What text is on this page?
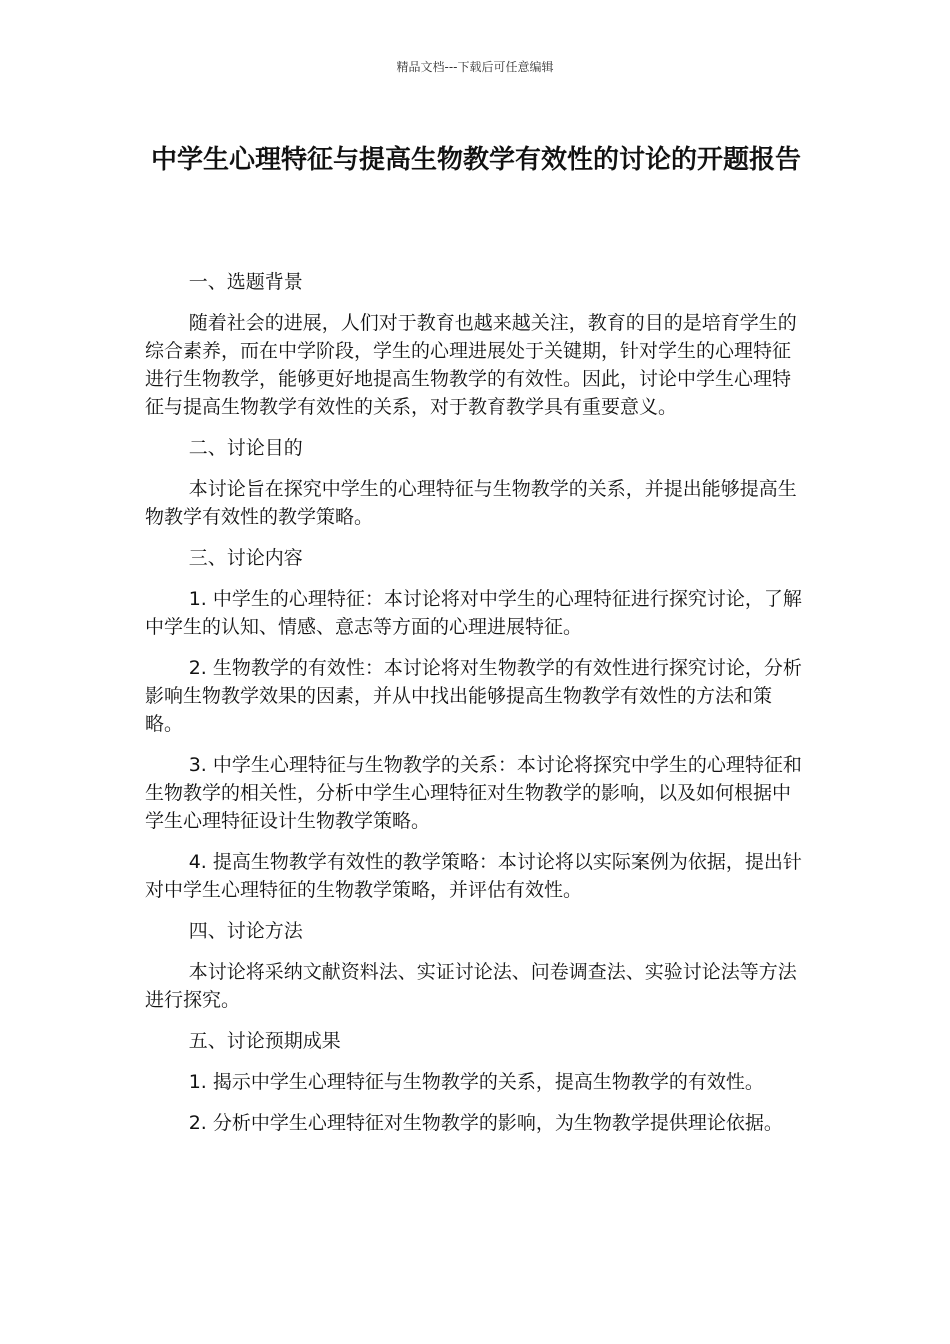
精品文档---下载后可任意编辑
中学生心理特征与提高生物教学有效性的讨论的开题报告

一、选题背景

随着社会的进展，人们对于教育也越来越关注，教育的目的是培育学生的综合素养，而在中学阶段，学生的心理进展处于关键期，针对学生的心理特征进行生物教学，能够更好地提高生物教学的有效性。因此，讨论中学生心理特征与提高生物教学有效性的关系，对于教育教学具有重要意义。

二、讨论目的

本讨论旨在探究中学生的心理特征与生物教学的关系，并提出能够提高生物教学有效性的教学策略。

三、讨论内容

1. 中学生的心理特征：本讨论将对中学生的心理特征进行探究讨论，了解中学生的认知、情感、意志等方面的心理进展特征。

2. 生物教学的有效性：本讨论将对生物教学的有效性进行探究讨论，分析影响生物教学效果的因素，并从中找出能够提高生物教学有效性的方法和策略。

3. 中学生心理特征与生物教学的关系：本讨论将探究中学生的心理特征和生物教学的相关性，分析中学生心理特征对生物教学的影响，以及如何根据中学生心理特征设计生物教学策略。

4. 提高生物教学有效性的教学策略：本讨论将以实际案例为依据，提出针对中学生心理特征的生物教学策略，并评估有效性。

四、讨论方法

本讨论将采纳文献资料法、实证讨论法、问卷调查法、实验讨论法等方法进行探究。

五、讨论预期成果

1. 揭示中学生心理特征与生物教学的关系，提高生物教学的有效性。

2. 分析中学生心理特征对生物教学的影响，为生物教学提供理论依据。
